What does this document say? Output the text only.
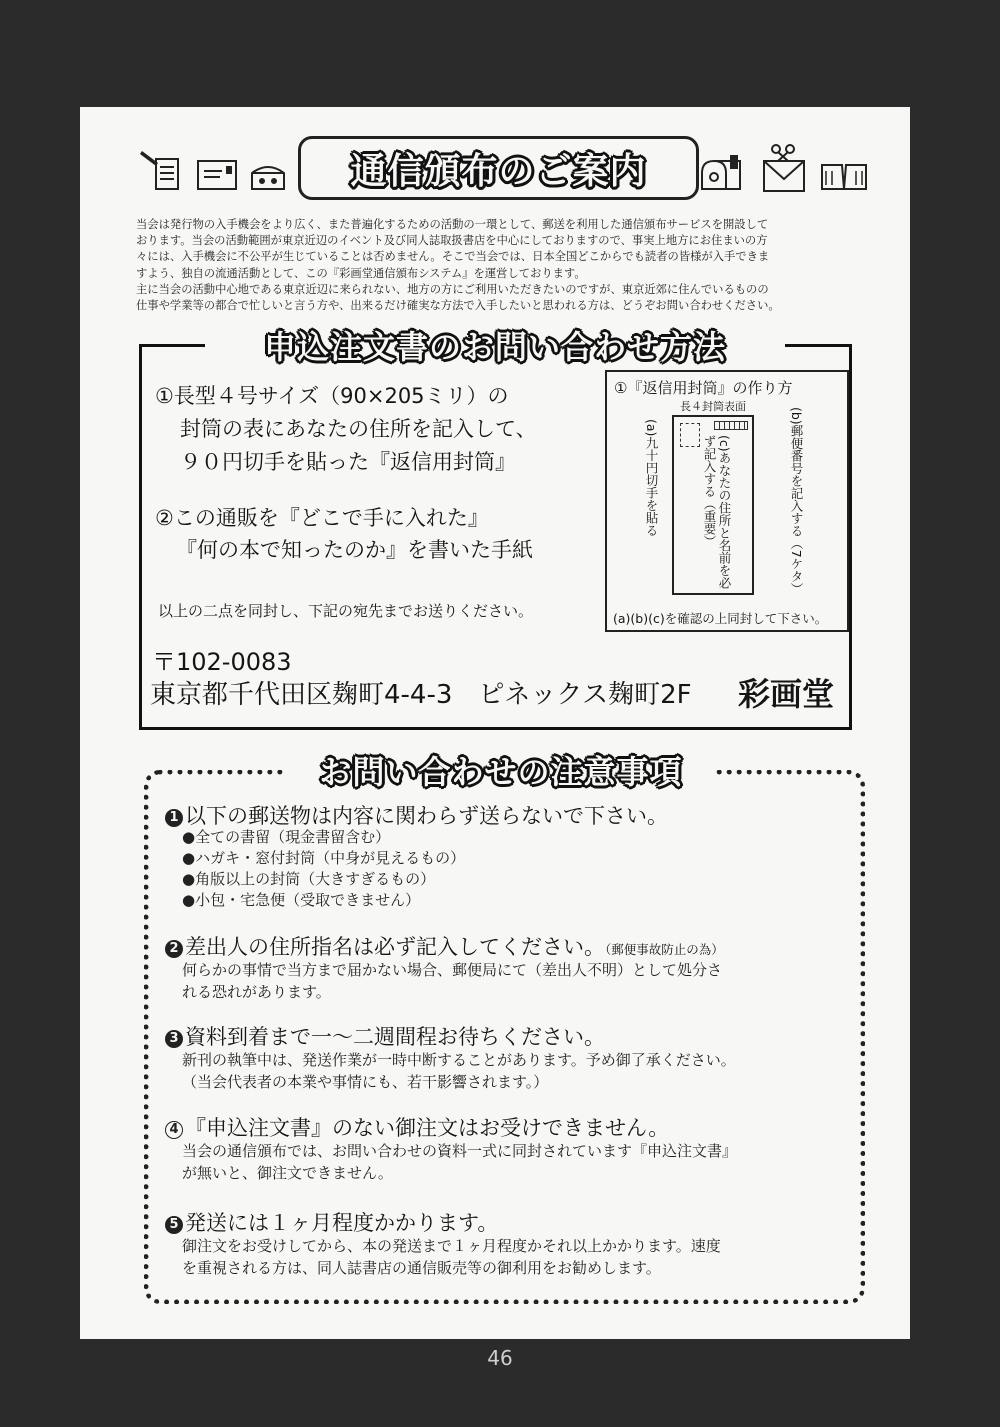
通信頒布のご案内

当会は発行物の入手機会をより広く、また普遍化するための活動の一環として、郵送を利用した通信頒布サービスを開設して

おります。当会の活動範囲が東京近辺のイベント及び同人誌取扱書店を中心にしておりますので、事実上地方にお住まいの方

々には、入手機会に不公平が生じていることは否めません。そこで当会では、日本全国どこからでも読者の皆様が入手できま

すよう、独自の流通活動として、この『彩画堂通信頒布システム』を運営しております。

主に当会の活動中心地である東京近辺に来られない、地方の方にご利用いただきたいのですが、東京近郊に住んでいるものの

仕事や学業等の都合で忙しいと言う方や、出来るだけ確実な方法で入手したいと思われる方は、どうぞお問い合わせください。

申込注文書のお問い合わせ方法
①長型４号サイズ（90×205ミリ）の
封筒の表にあなたの住所を記入して、
９０円切手を貼った『返信用封筒』
②この通販を『どこで手に入れた』
『何の本で知ったのか』を書いた手紙
①『返信用封筒』の作り方
長４封筒表面
(a)九十円切手を貼る	(c)あなたの住所と名前を必ず記入する（重要）	(b)郵便番号を記入する（7ケタ）
(a)(b)(c)を確認の上同封して下さい。
以上の二点を同封し、下記の宛先までお送りください。
〒102-0083
東京都千代田区麹町4-4-3　ピネックス麹町2F 彩画堂
お問い合わせの注意事項
1 以下の郵送物は内容に関わらず送らないで下さい。
●全ての書留（現金書留含む）
●ハガキ・窓付封筒（中身が見えるもの）
●角版以上の封筒（大きすぎるもの）
●小包・宅急便（受取できません）
2 差出人の住所指名は必ず記入してください。（郵便事故防止の為）
何らかの事情で当方まで届かない場合、郵便局にて（差出人不明）として処分さ
れる恐れがあります。
3 資料到着まで一～二週間程お待ちください。
新刊の執筆中は、発送作業が一時中断することがあります。予め御了承ください。
（当会代表者の本業や事情にも、若干影響されます。）
4 『申込注文書』のない御注文はお受けできません。
当会の通信頒布では、お問い合わせの資料一式に同封されています『申込注文書』
が無いと、御注文できません。
5 発送には１ヶ月程度かかります。
御注文をお受けしてから、本の発送まで１ヶ月程度かそれ以上かかります。速度
を重視される方は、同人誌書店の通信販売等の御利用をお勧めします。
46
